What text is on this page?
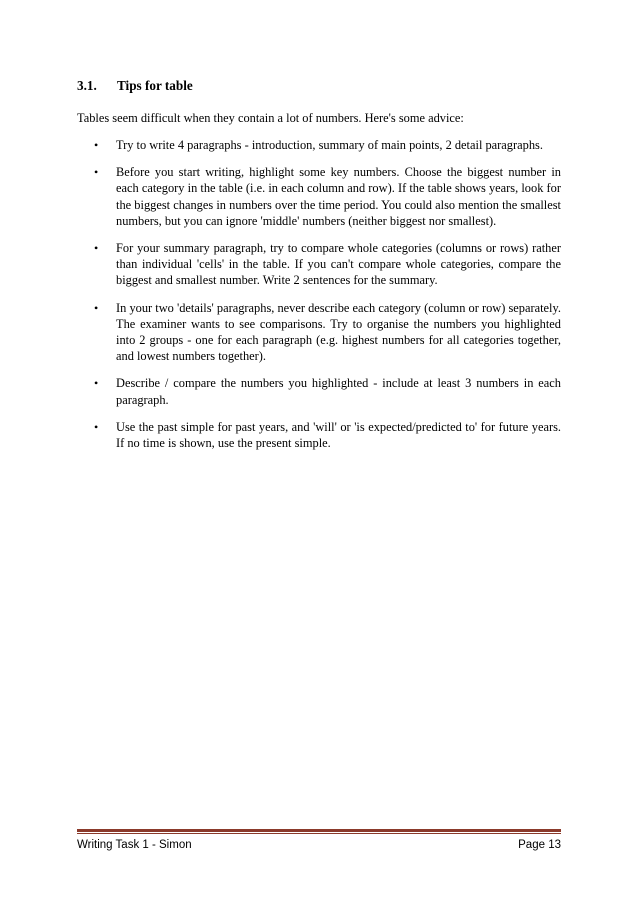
3.1. Tips for table
Tables seem difficult when they contain a lot of numbers. Here's some advice:
• Try to write 4 paragraphs - introduction, summary of main points, 2 detail paragraphs.
• Before you start writing, highlight some key numbers. Choose the biggest number in each category in the table (i.e. in each column and row). If the table shows years, look for the biggest changes in numbers over the time period. You could also mention the smallest numbers, but you can ignore 'middle' numbers (neither biggest nor smallest).
• For your summary paragraph, try to compare whole categories (columns or rows) rather than individual 'cells' in the table. If you can't compare whole categories, compare the biggest and smallest number. Write 2 sentences for the summary.
• In your two 'details' paragraphs, never describe each category (column or row) separately. The examiner wants to see comparisons. Try to organise the numbers you highlighted into 2 groups - one for each paragraph (e.g. highest numbers for all categories together, and lowest numbers together).
• Describe / compare the numbers you highlighted - include at least 3 numbers in each paragraph.
• Use the past simple for past years, and 'will' or 'is expected/predicted to' for future years. If no time is shown, use the present simple.
Writing Task 1 - Simon	Page 13
